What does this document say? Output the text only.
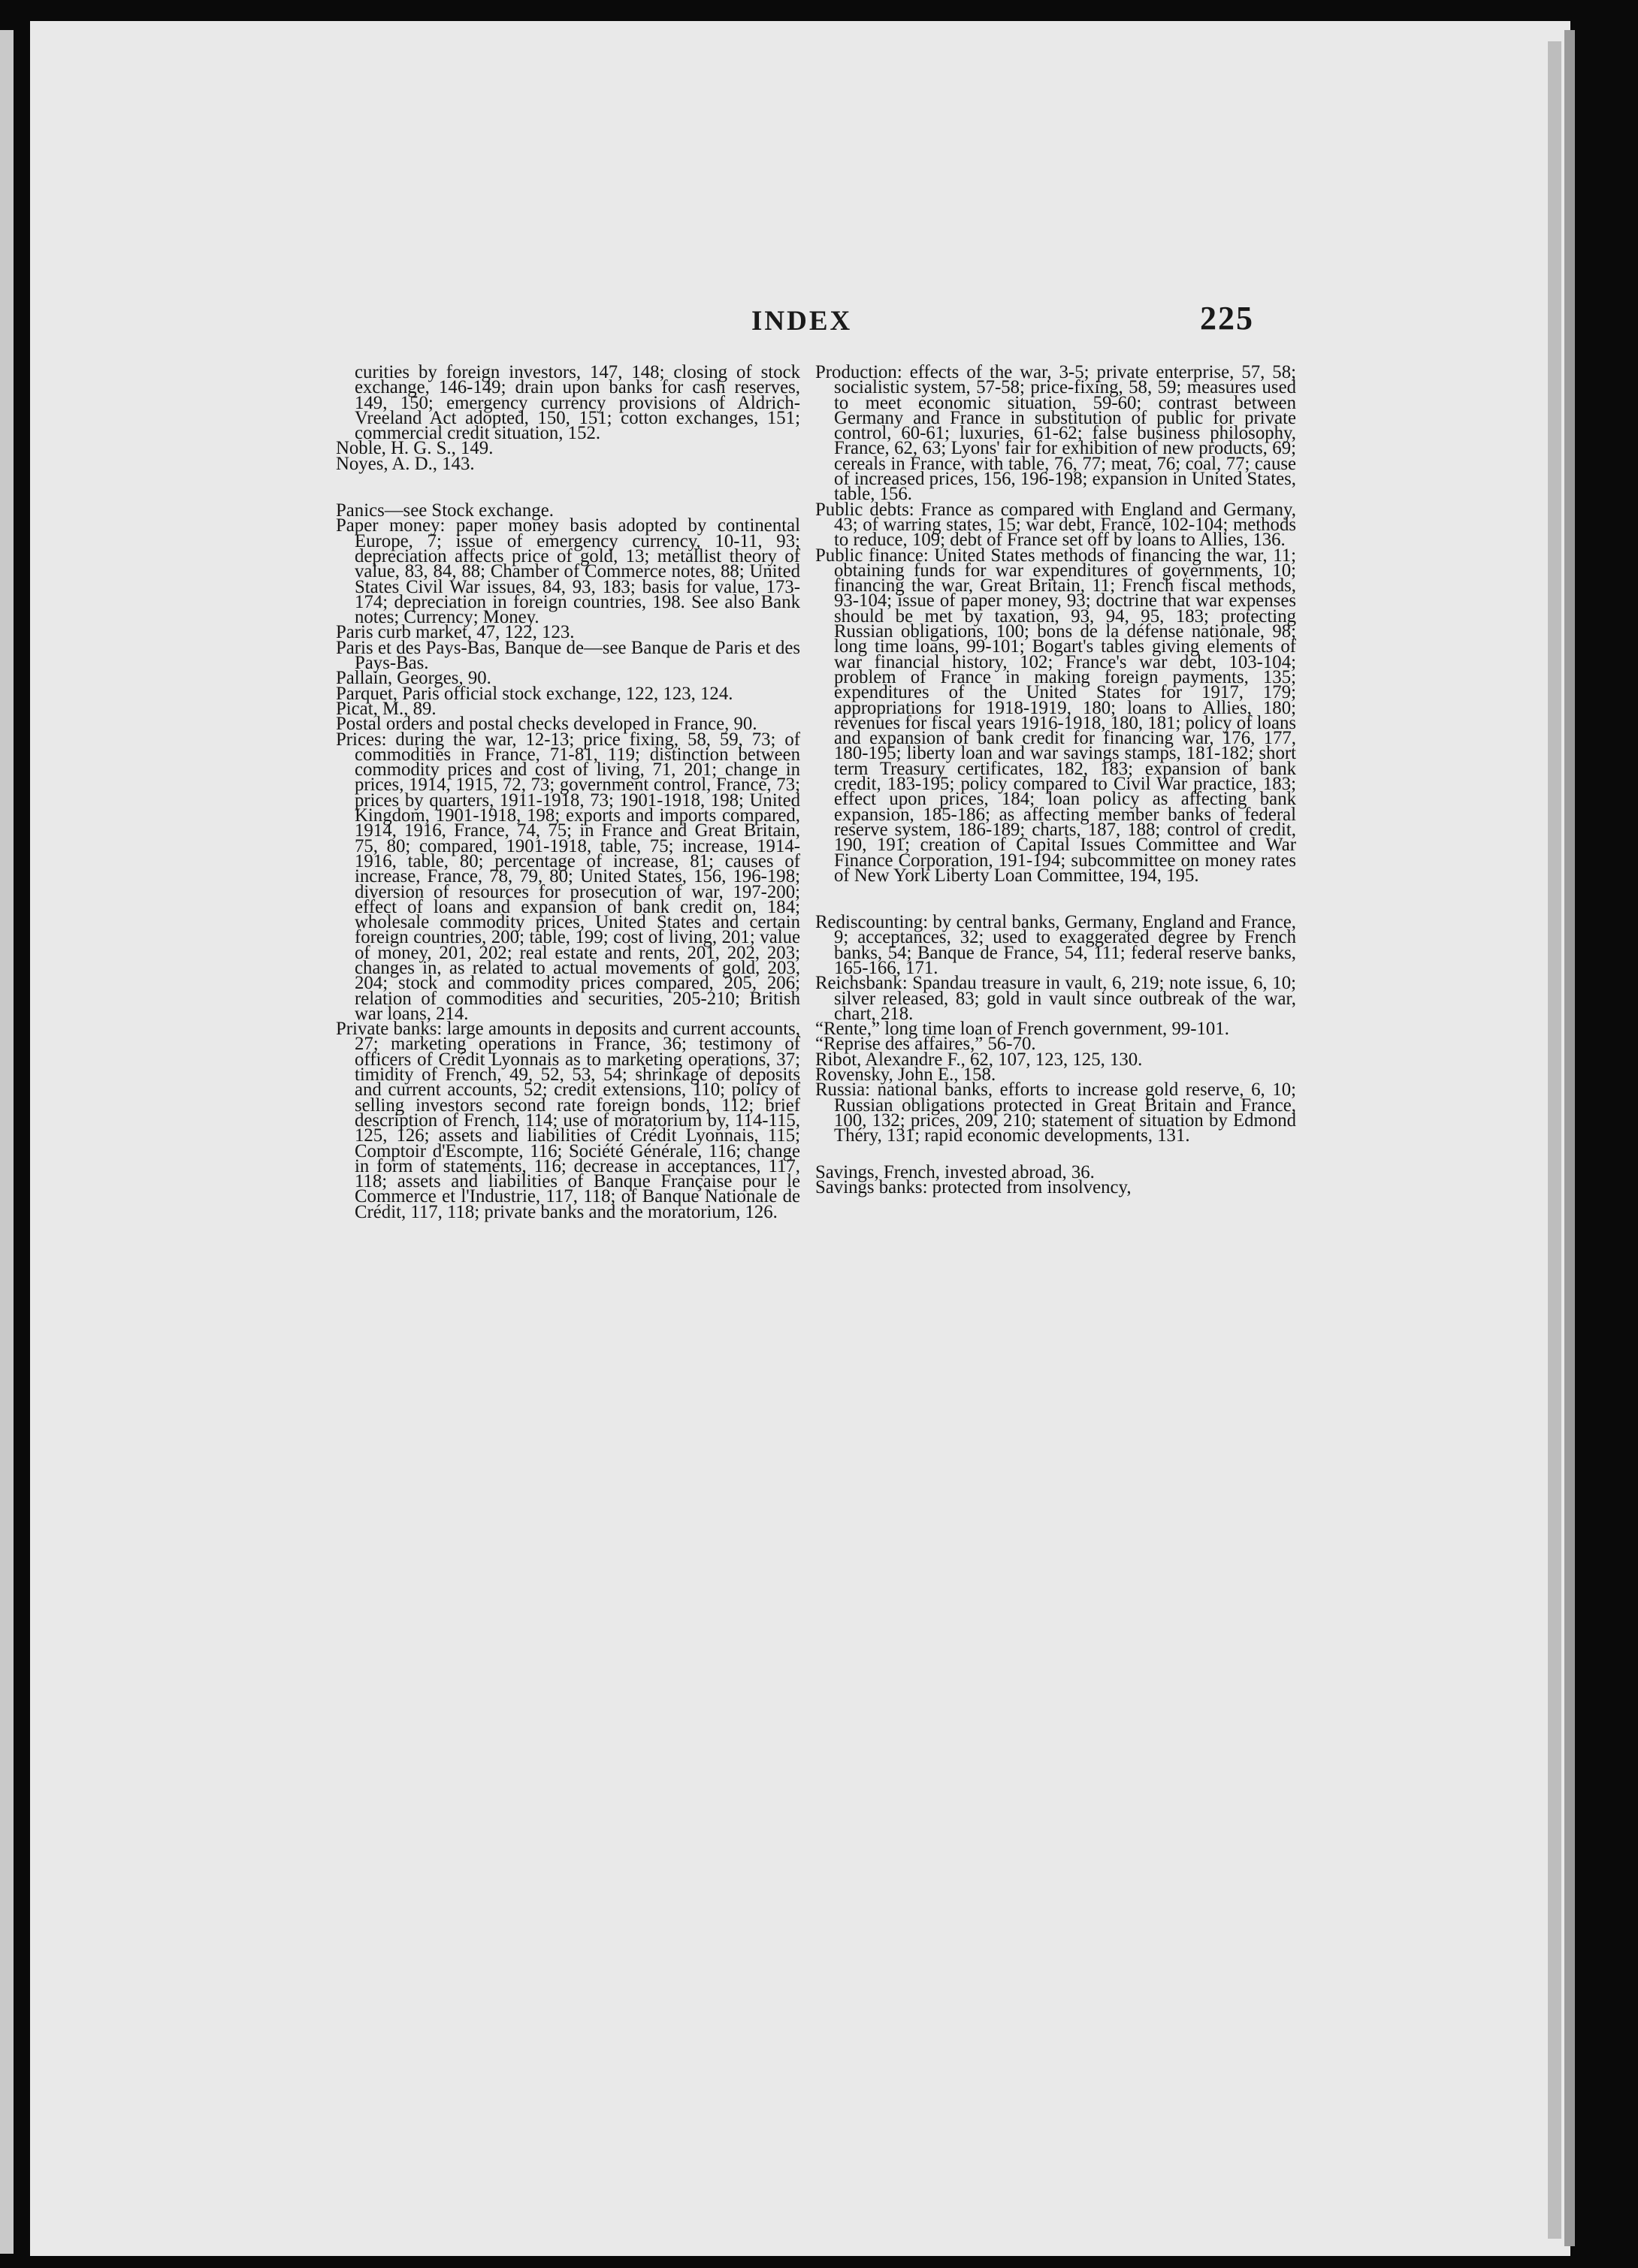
INDEX	225

curities by foreign investors, 147, 148; closing of stock exchange, 146-149; drain upon banks for cash reserves, 149, 150; emergency currency provisions of Aldrich-Vreeland Act adopted, 150, 151; cotton exchanges, 151; commercial credit situation, 152.

Noble, H. G. S., 149.

Noyes, A. D., 143.

Panics—see Stock exchange.

Paper money: paper money basis adopted by continental Europe, 7; issue of emergency currency, 10-11, 93; depreciation affects price of gold, 13; metallist theory of value, 83, 84, 88; Chamber of Commerce notes, 88; United States Civil War issues, 84, 93, 183; basis for value, 173-174; depreciation in foreign countries, 198. See also Bank notes; Currency; Money.

Paris curb market, 47, 122, 123.

Paris et des Pays-Bas, Banque de—see Banque de Paris et des Pays-Bas.

Pallain, Georges, 90.

Parquet, Paris official stock exchange, 122, 123, 124.

Picat, M., 89.

Postal orders and postal checks developed in France, 90.

Prices: during the war, 12-13; price fixing, 58, 59, 73; of commodities in France, 71-81, 119; distinction between commodity prices and cost of living, 71, 201; change in prices, 1914, 1915, 72, 73; government control, France, 73; prices by quarters, 1911-1918, 73; 1901-1918, 198; United Kingdom, 1901-1918, 198; exports and imports compared, 1914, 1916, France, 74, 75; in France and Great Britain, 75, 80; compared, 1901-1918, table, 75; increase, 1914-1916, table, 80; percentage of increase, 81; causes of increase, France, 78, 79, 80; United States, 156, 196-198; diversion of resources for prosecution of war, 197-200; effect of loans and expansion of bank credit on, 184; wholesale commodity prices, United States and certain foreign countries, 200; table, 199; cost of living, 201; value of money, 201, 202; real estate and rents, 201, 202, 203; changes in, as related to actual movements of gold, 203, 204; stock and commodity prices compared, 205, 206; relation of commodities and securities, 205-210; British war loans, 214.

Private banks: large amounts in deposits and current accounts, 27; marketing operations in France, 36; testimony of officers of Crédit Lyonnais as to marketing operations, 37; timidity of French, 49, 52, 53, 54; shrinkage of deposits and current accounts, 52; credit extensions, 110; policy of selling investors second rate foreign bonds, 112; brief description of French, 114; use of moratorium by, 114-115, 125, 126; assets and liabilities of Crédit Lyonnais, 115; Comptoir d'Escompte, 116; Société Générale, 116; change in form of statements, 116; decrease in acceptances, 117, 118; assets and liabilities of Banque Française pour le Commerce et l'Industrie, 117, 118; of Banque Nationale de Crédit, 117, 118; private banks and the moratorium, 126.

Production: effects of the war, 3-5; private enterprise, 57, 58; socialistic system, 57-58; price-fixing, 58, 59; measures used to meet economic situation, 59-60; contrast between Germany and France in substitution of public for private control, 60-61; luxuries, 61-62; false business philosophy, France, 62, 63; Lyons' fair for exhibition of new products, 69; cereals in France, with table, 76, 77; meat, 76; coal, 77; cause of increased prices, 156, 196-198; expansion in United States, table, 156.

Public debts: France as compared with England and Germany, 43; of warring states, 15; war debt, France, 102-104; methods to reduce, 109; debt of France set off by loans to Allies, 136.

Public finance: United States methods of financing the war, 11; obtaining funds for war expenditures of governments, 10; financing the war, Great Britain, 11; French fiscal methods, 93-104; issue of paper money, 93; doctrine that war expenses should be met by taxation, 93, 94, 95, 183; protecting Russian obligations, 100; bons de la défense nationale, 98; long time loans, 99-101; Bogart's tables giving elements of war financial history, 102; France's war debt, 103-104; problem of France in making foreign payments, 135; expenditures of the United States for 1917, 179; appropriations for 1918-1919, 180; loans to Allies, 180; revenues for fiscal years 1916-1918, 180, 181; policy of loans and expansion of bank credit for financing war, 176, 177, 180-195; liberty loan and war savings stamps, 181-182; short term Treasury certificates, 182, 183; expansion of bank credit, 183-195; policy compared to Civil War practice, 183; effect upon prices, 184; loan policy as affecting bank expansion, 185-186; as affecting member banks of federal reserve system, 186-189; charts, 187, 188; control of credit, 190, 191; creation of Capital Issues Committee and War Finance Corporation, 191-194; subcommittee on money rates of New York Liberty Loan Committee, 194, 195.

Rediscounting: by central banks, Germany, England and France, 9; acceptances, 32; used to exaggerated degree by French banks, 54; Banque de France, 54, 111; federal reserve banks, 165-166, 171.

Reichsbank: Spandau treasure in vault, 6, 219; note issue, 6, 10; silver released, 83; gold in vault since outbreak of the war, chart, 218.

“Rente,” long time loan of French government, 99-101.

“Reprise des affaires,” 56-70.

Ribot, Alexandre F., 62, 107, 123, 125, 130.

Rovensky, John E., 158.

Russia: national banks, efforts to increase gold reserve, 6, 10; Russian obligations protected in Great Britain and France, 100, 132; prices, 209, 210; statement of situation by Edmond Théry, 131; rapid economic developments, 131.

Savings, French, invested abroad, 36.

Savings banks: protected from insolvency,
